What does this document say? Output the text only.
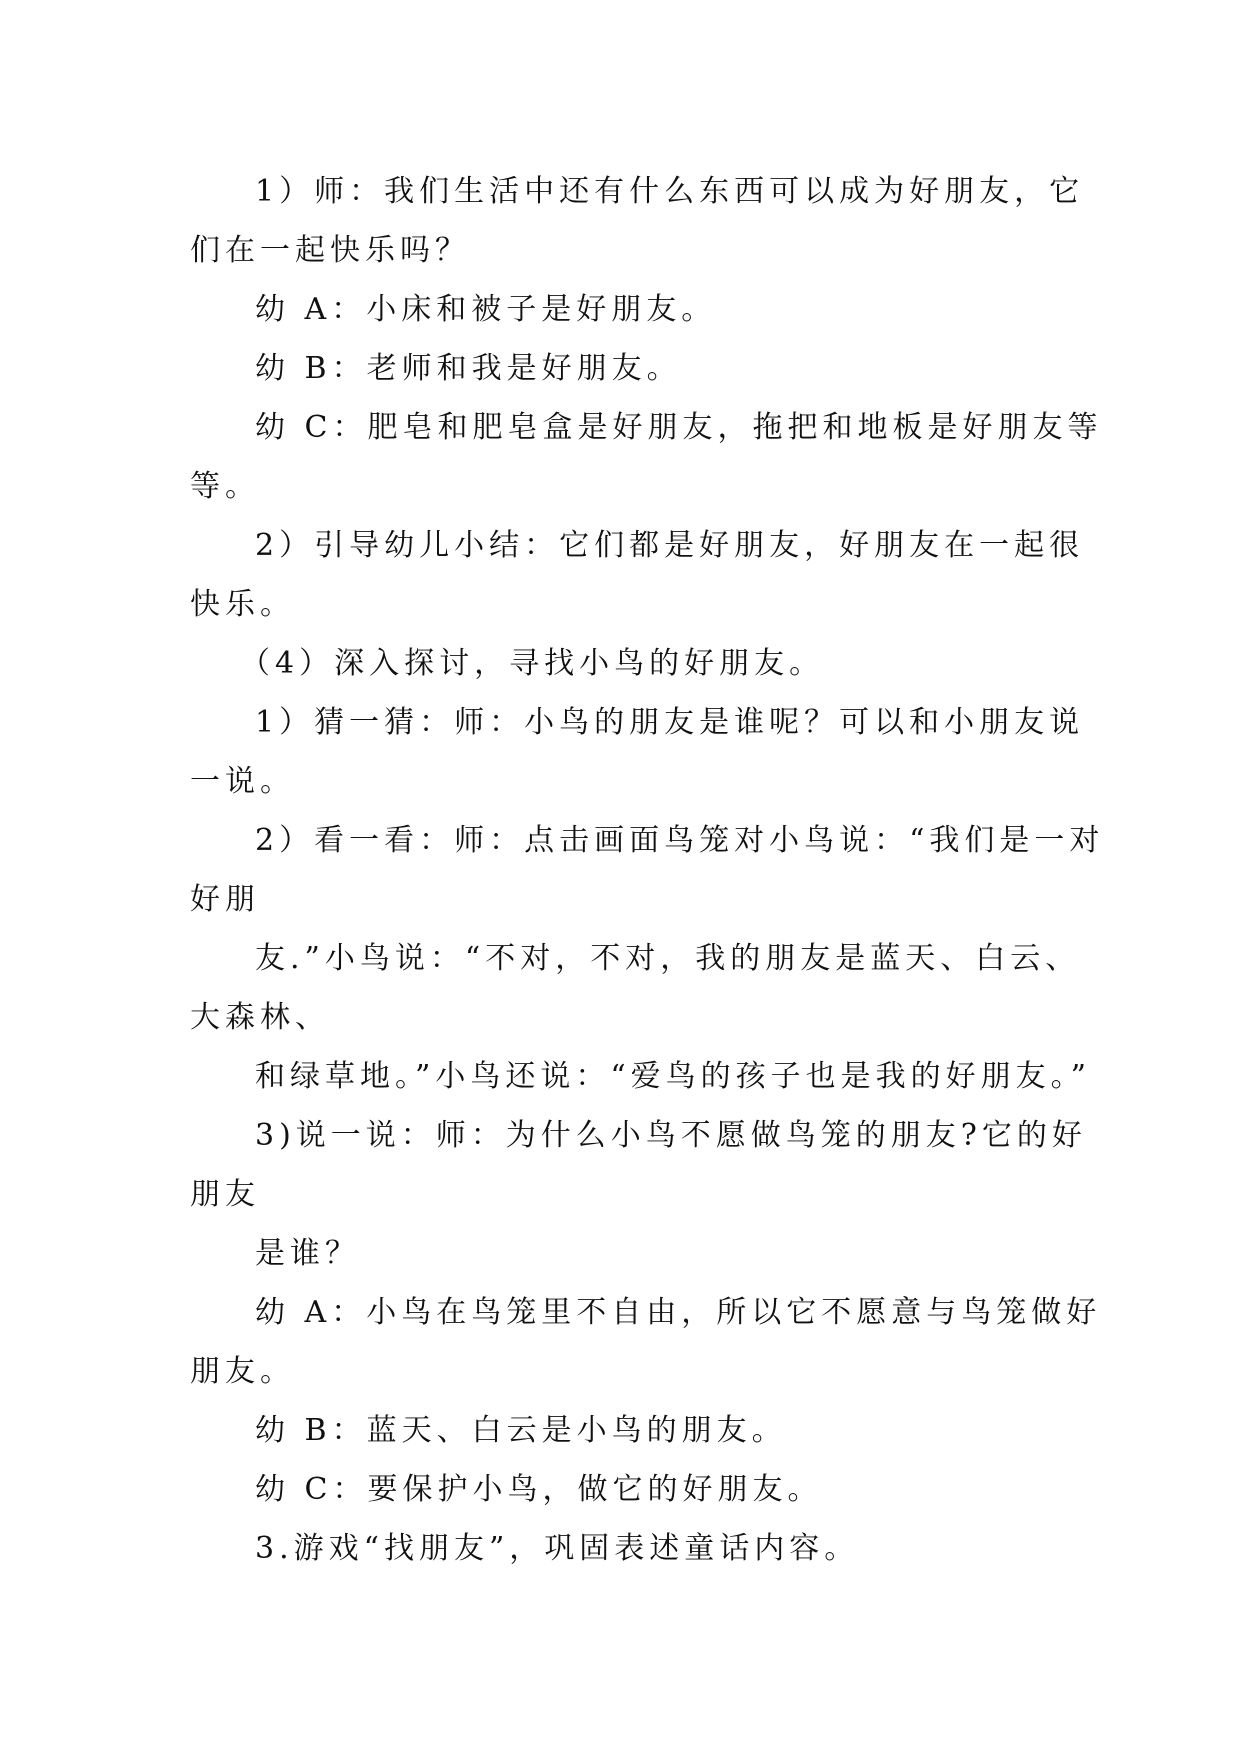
1）师：我们生活中还有什么东西可以成为好朋友，它
们在一起快乐吗？
幼 A：小床和被子是好朋友。
幼 B：老师和我是好朋友。
幼 C：肥皂和肥皂盒是好朋友，拖把和地板是好朋友等
等。
2）引导幼儿小结：它们都是好朋友，好朋友在一起很
快乐。
（4）深入探讨，寻找小鸟的好朋友。
1）猜一猜：师：小鸟的朋友是谁呢？可以和小朋友说
一说。
2）看一看：师：点击画面鸟笼对小鸟说：“我们是一对
好朋
友.”小鸟说：“不对，不对，我的朋友是蓝天、白云、
大森林、
和绿草地。”小鸟还说：“爱鸟的孩子也是我的好朋友。”
3)说一说：师：为什么小鸟不愿做鸟笼的朋友?它的好
朋友
是谁？
幼 A：小鸟在鸟笼里不自由，所以它不愿意与鸟笼做好
朋友。
幼 B：蓝天、白云是小鸟的朋友。
幼 C：要保护小鸟，做它的好朋友。
3.游戏“找朋友”，巩固表述童话内容。
